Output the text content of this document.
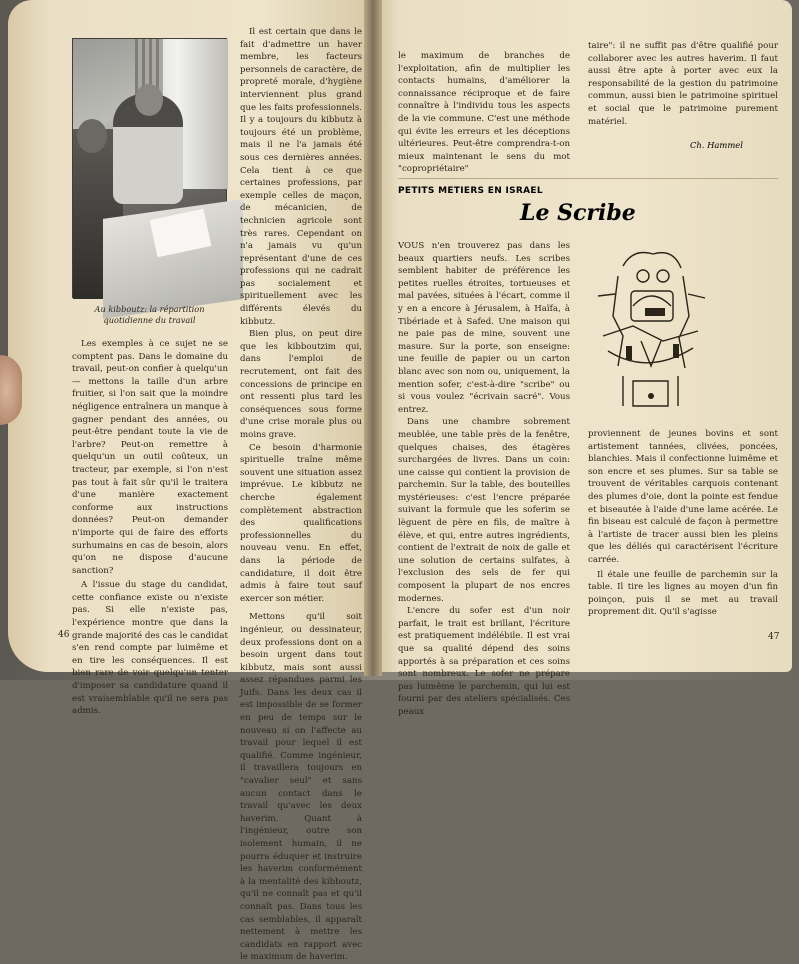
Au kibboutz: la répartition quotidienne du travail

Les exemples à ce sujet ne se comptent pas. Dans le domaine du travail, peut-on confier à quelqu'un — mettons la taille d'un arbre fruitier, si l'on sait que la moindre négligence entraînera un manque à gagner pendant des années, ou peut-être pendant toute la vie de l'arbre? Peut-on remettre à quelqu'un un outil coûteux, un tracteur, par exemple, si l'on n'est pas tout à fait sûr qu'il le traitera d'une manière exactement conforme aux instructions données? Peut-on demander n'importe qui de faire des efforts surhumains en cas de besoin, alors qu'on ne dispose d'aucune sanction?

A l'issue du stage du candidat, cette confiance existe ou n'existe pas. Si elle n'existe pas, l'expérience montre que dans la grande majorité des cas le candidat s'en rend compte par luimême et en tire les conséquences. Il est bien rare de voir quelqu'un tenter d'imposer sa candidature quand il est vraisemblable qu'il ne sera pas admis.

Il est certain que dans le fait d'admettre un haver membre, les facteurs personnels de caractère, de propreté morale, d'hygiène interviennent plus grand que les faits professionnels. Il y a toujours du kibbutz à toujours été un problème, mais il ne l'a jamais été sous ces dernières années. Cela tient à ce que certaines professions, par exemple celles de maçon, de mécanicien, de technicien agricole sont très rares. Cependant on n'a jamais vu qu'un représentant d'une de ces professions qui ne cadrait pas socialement et spirituellement avec les différents élevés du kibbutz.

Bien plus, on peut dire que les kibboutzim qui, dans l'emploi de recrutement, ont fait des concessions de principe en ont ressenti plus tard les conséquences sous forme d'une crise morale plus ou moins grave.

Ce besoin d'harmonie spirituelle traîne même souvent une situation assez imprévue. Le kibbutz ne cherche également complètement abstraction des qualifications professionnelles du nouveau venu. En effet, dans la période de candidature, il doit être admis à faire tout sauf exercer son métier.

Mettons qu'il soit ingénieur, ou dessinateur, deux professions dont on a besoin urgent dans tout kibbutz, mais sont aussi assez répandues parmi les Juifs. Dans les deux cas il est impossible de se former en peu de temps sur le nouveau si on l'affecte au travail pour lequel il est qualifié. Comme ingénieur, il travaillera toujours en "cavalier seul" et sans aucun contact dans le travail qu'avec les deux haverim. Quant à l'ingénieur, outre son isolement humain, il ne pourra éduquer et instruire les haverim conformément à la mentalité des kibboutz, qu'il ne connaît pas et qu'il connaît pas. Dans tous les cas semblables, il apparaît nettement à mettre les candidats en rapport avec le maximum de haverim.

46

le maximum de branches de l'exploitation, afin de multiplier les contacts humains, d'améliorer la connaissance réciproque et de faire connaître à l'individu tous les aspects de la vie commune. C'est une méthode qui évite les erreurs et les déceptions ultérieures. Peut-être comprendra-t-on mieux maintenant le sens du mot "copropriétaire"

taire": il ne suffit pas d'être qualifié pour collaborer avec les autres haverim. Il faut aussi être apte à porter avec eux la responsabilité de la gestion du patrimoine commun, aussi bien le patrimoine spirituel et social que le patrimoine purement matériel.

Ch. Hammel
PETITS METIERS EN ISRAEL
Le Scribe

VOUS n'en trouverez pas dans les beaux quartiers neufs. Les scribes semblent habiter de préférence les petites ruelles étroites, tortueuses et mal pavées, situées à l'écart, comme il y en a encore à Jérusalem, à Haïfa, à Tibériade et à Safed. Une maison qui ne paie pas de mine, souvent une masure. Sur la porte, son enseigne: une feuille de papier ou un carton blanc avec son nom ou, uniquement, la mention sofer, c'est-à-dire "scribe" ou si vous voulez "écrivain sacré". Vous entrez.

Dans une chambre sobrement meublée, une table près de la fenêtre, quelques chaises, des étagères surchargées de livres. Dans un coin: une caisse qui contient la provision de parchemin. Sur la table, des bouteilles mystérieuses: c'est l'encre préparée suivant la formule que les soferim se lèguent de père en fils, de maître à élève, et qui, entre autres ingrédients, contient de l'extrait de noix de galle et une solution de certains sulfates, à l'exclusion des sels de fer qui composent la plupart de nos encres modernes.

L'encre du sofer est d'un noir parfait, le trait est brillant, l'écriture est pratiquement indélébile. Il est vrai que sa qualité dépend des soins apportés à sa préparation et ces soins sont nombreux. Le sofer ne prépare pas luimême le parchemin, qui lui est fourni par des ateliers spécialisés. Ces peaux

proviennent de jeunes bovins et sont artistement tannées, clivées, poncées, blanchies. Mais il confectionne luimême et son encre et ses plumes. Sur sa table se trouvent de véritables carquois contenant des plumes d'oie, dont la pointe est fendue et biseautée à l'aide d'une lame acérée. Le fin biseau est calculé de façon à permettre à l'artiste de tracer aussi bien les pleins que les déliés qui caractérisent l'écriture carrée.

Il étale une feuille de parchemin sur la table. Il tire les lignes au moyen d'un fin poinçon, puis il se met au travail proprement dit. Qu'il s'agisse

47
